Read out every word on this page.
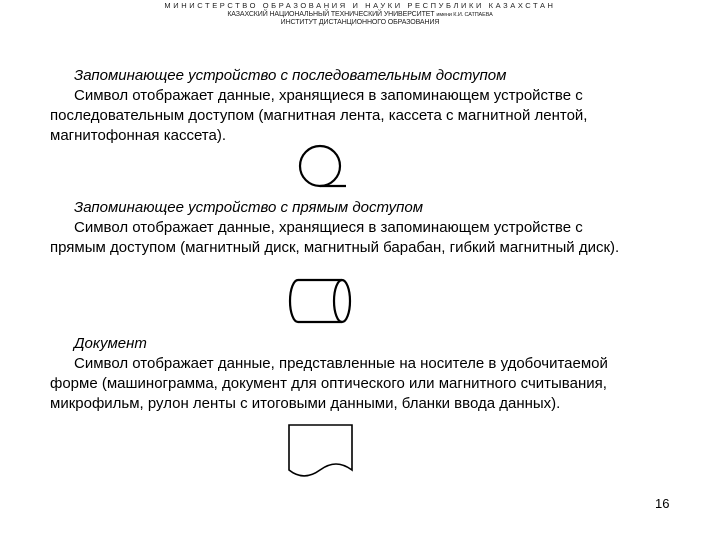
МИНИСТЕРСТВО ОБРАЗОВАНИЯ И НАУКИ РЕСПУБЛИКИ КАЗАХСТАН
КАЗАХСКИЙ НАЦИОНАЛЬНЫЙ ТЕХНИЧЕСКИЙ УНИВЕРСИТЕТ имени К.И. САТПАЕВА
ИНСТИТУТ ДИСТАНЦИОННОГО ОБРАЗОВАНИЯ
Запоминающее устройство с последовательным доступом
Символ отображает данные, хранящиеся в запоминающем устройстве с
последовательным доступом (магнитная лента, кассета с магнитной лентой,
магнитофонная кассета).
Запоминающее устройство с прямым доступом
Символ отображает данные, хранящиеся в запоминающем устройстве с
прямым доступом (магнитный диск, магнитный барабан, гибкий магнитный диск).
Документ
Символ отображает данные, представленные на носителе в удобочитаемой
форме (машинограмма, документ для оптического или магнитного считывания,
микрофильм, рулон ленты с итоговыми данными, бланки ввода данных).
16
